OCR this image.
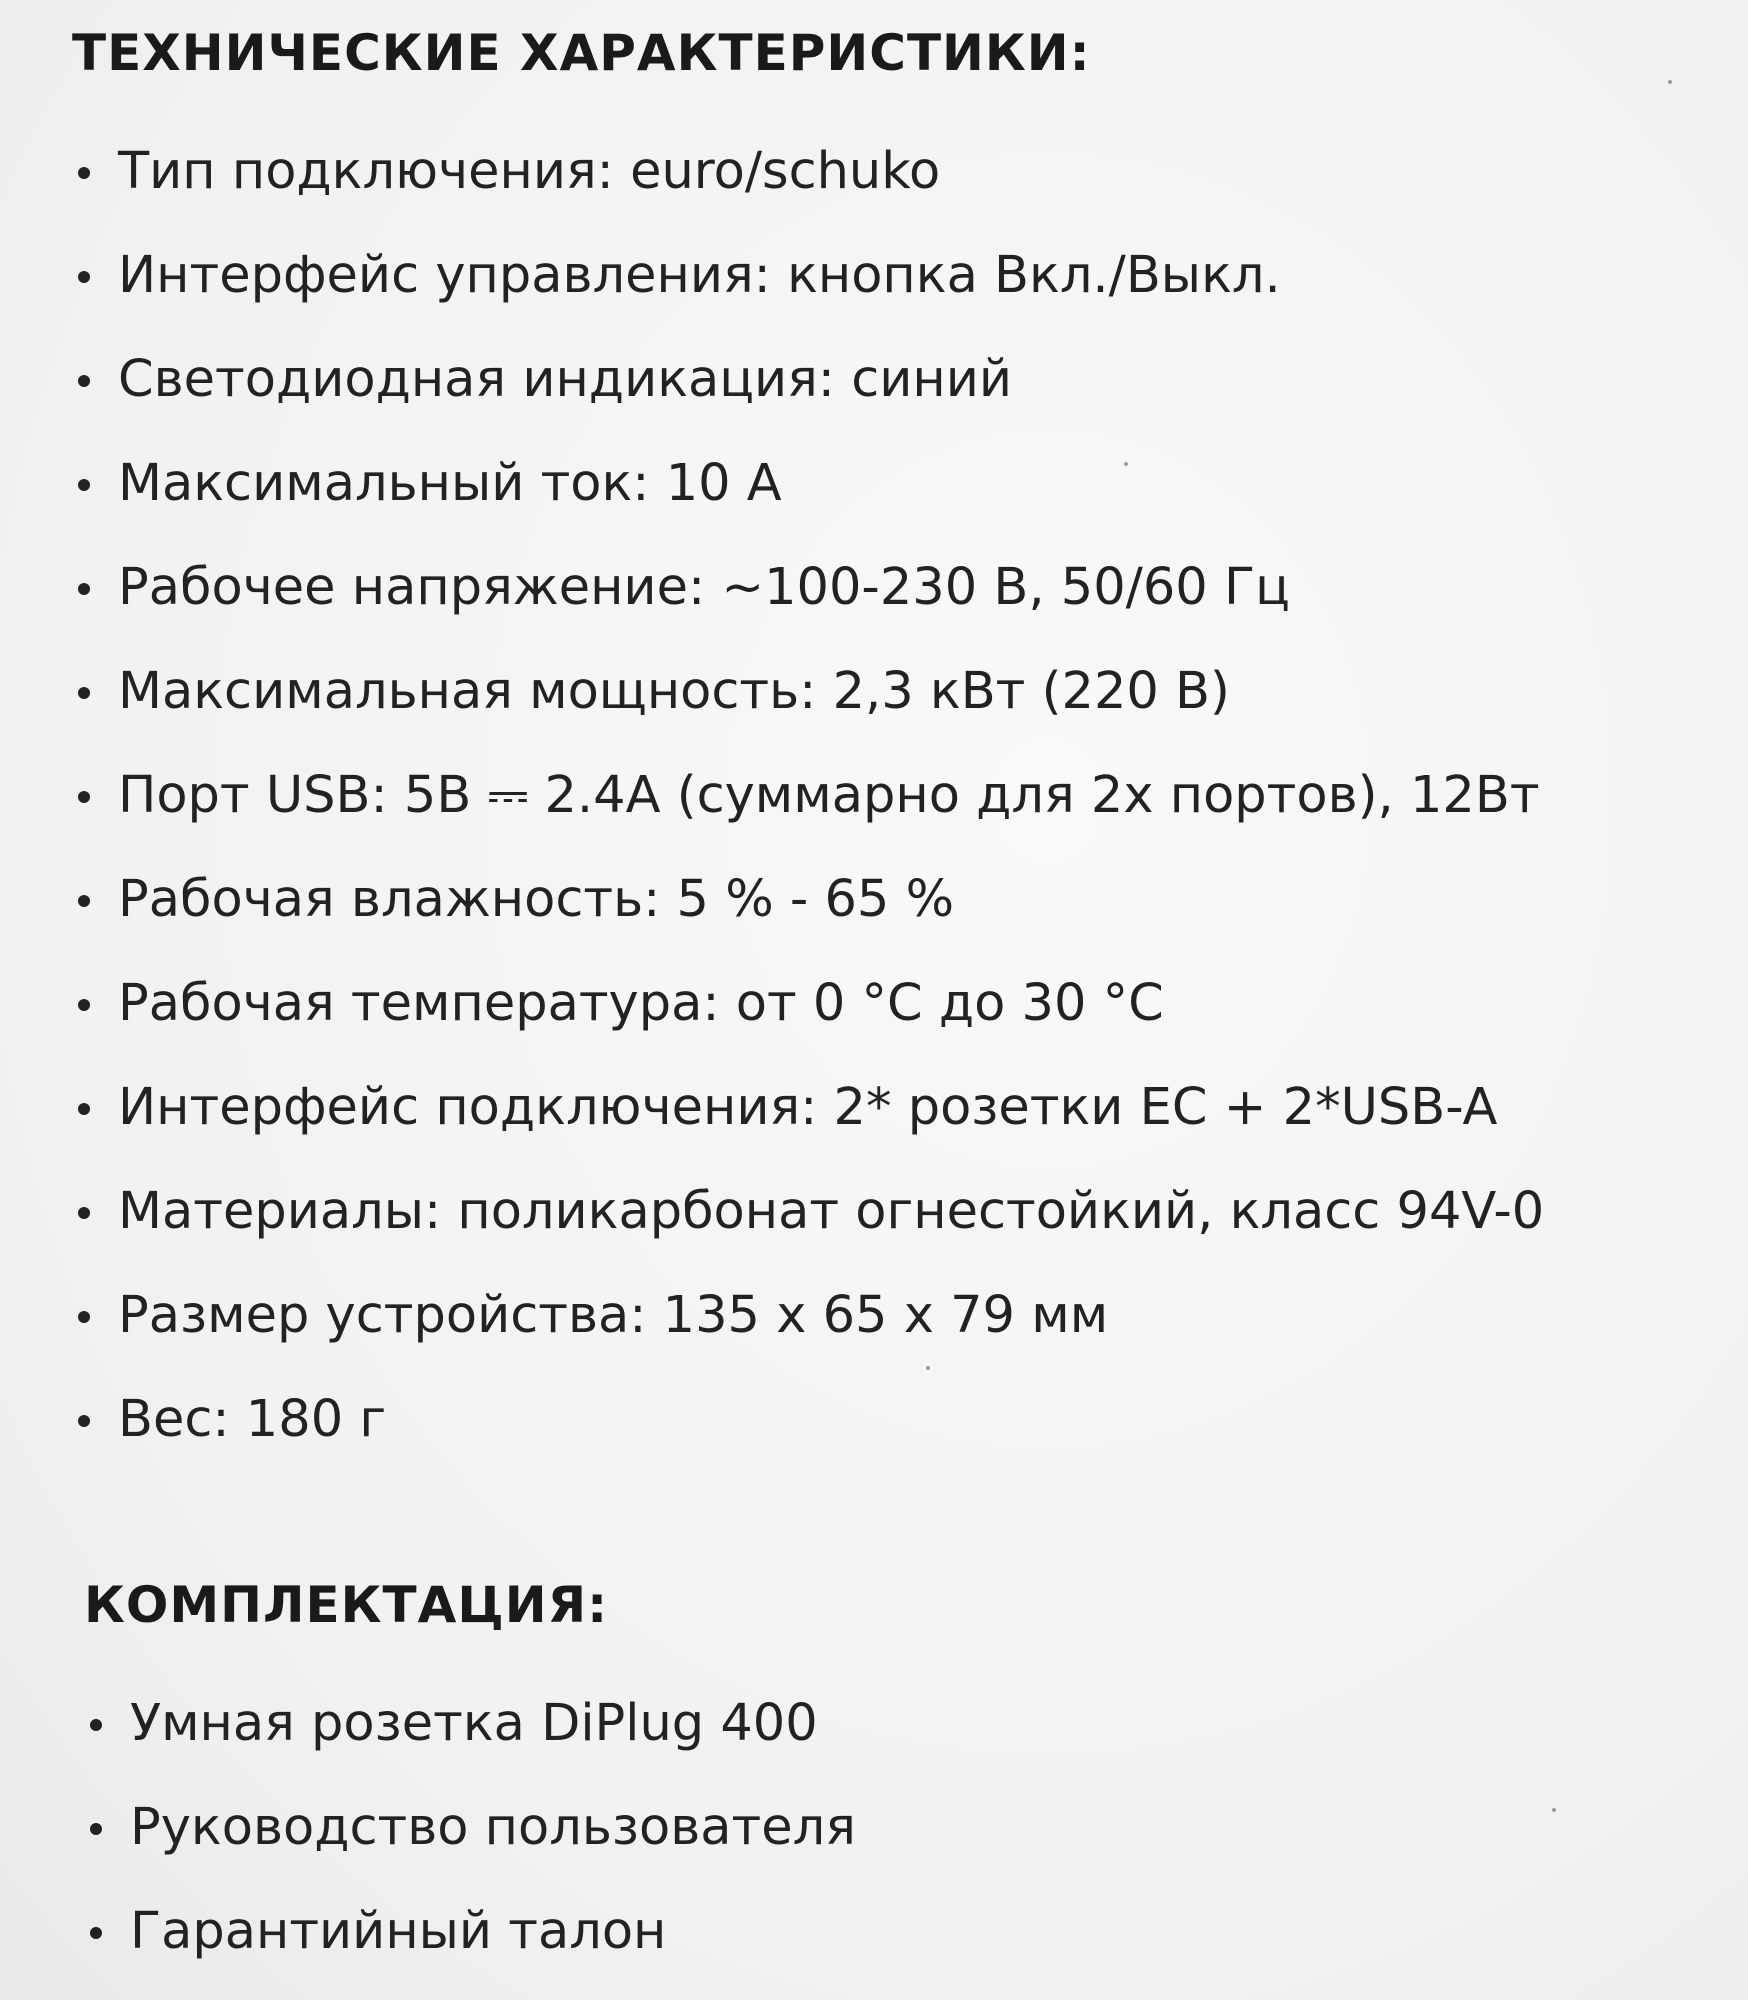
ТЕХНИЧЕСКИЕ ХАРАКТЕРИСТИКИ:
Тип подключения: euro/schuko
Интерфейс управления: кнопка Вкл./Выкл.
Светодиодная индикация: синий
Максимальный ток: 10 А
Рабочее напряжение: ~100-230 В, 50/60 Гц
Максимальная мощность: 2,3 кВт (220 В)
Порт USB: 5В ⎓ 2.4А (суммарно для 2х портов), 12Вт
Рабочая влажность: 5 % - 65 %
Рабочая температура: от 0 °С до 30 °С
Интерфейс подключения: 2* розетки ЕС + 2*USB-A
Материалы: поликарбонат огнестойкий, класс 94V-0
Размер устройства: 135 х 65 х 79 мм
Вес: 180 г
КОМПЛЕКТАЦИЯ:
Умная розетка DiPlug 400
Руководство пользователя
Гарантийный талон
